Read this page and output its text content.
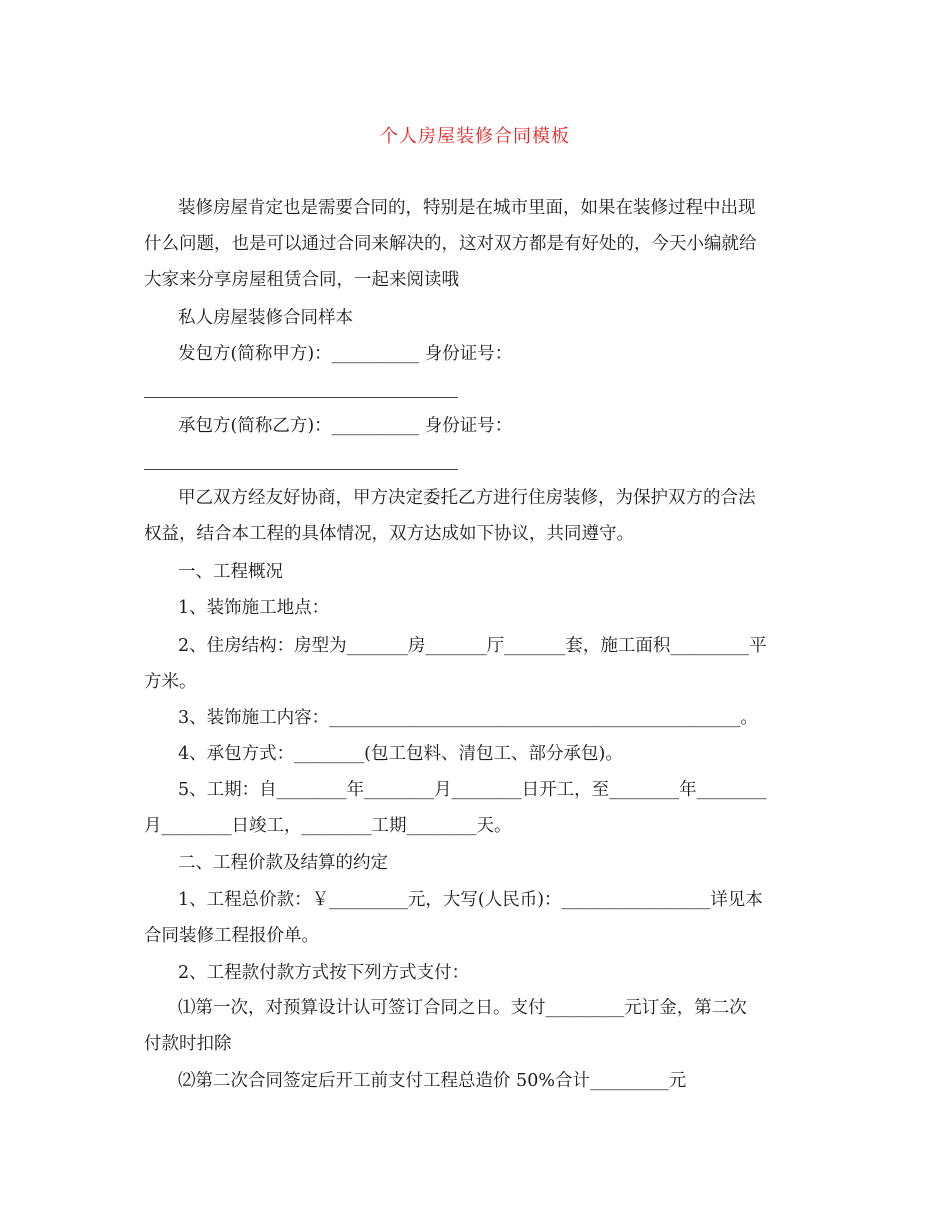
个人房屋装修合同模板
装修房屋肯定也是需要合同的，特别是在城市里面，如果在装修过程中出现
什么问题，也是可以通过合同来解决的，这对双方都是有好处的，今天小编就给
大家来分享房屋租赁合同，一起来阅读哦
私人房屋装修合同样本
发包方(简称甲方)：__________ 身份证号：
承包方(简称乙方)：__________ 身份证号：
甲乙双方经友好协商，甲方决定委托乙方进行住房装修，为保护双方的合法
权益，结合本工程的具体情况，双方达成如下协议，共同遵守。
一、工程概况
1、装饰施工地点：
2、住房结构：房型为_______房_______厅_______套，施工面积_________平
方米。
3、装饰施工内容：_______________________________________________。
4、承包方式：________(包工包料、清包工、部分承包)。
5、工期：自________年________月________日开工，至________年________
月________日竣工，________工期________天。
二、工程价款及结算的约定
1、工程总价款：￥_________元，大写(人民币)：_________________详见本
合同装修工程报价单。
2、工程款付款方式按下列方式支付：
⑴第一次，对预算设计认可签订合同之日。支付_________元订金，第二次
付款时扣除
⑵第二次合同签定后开工前支付工程总造价 50%合计_________元
